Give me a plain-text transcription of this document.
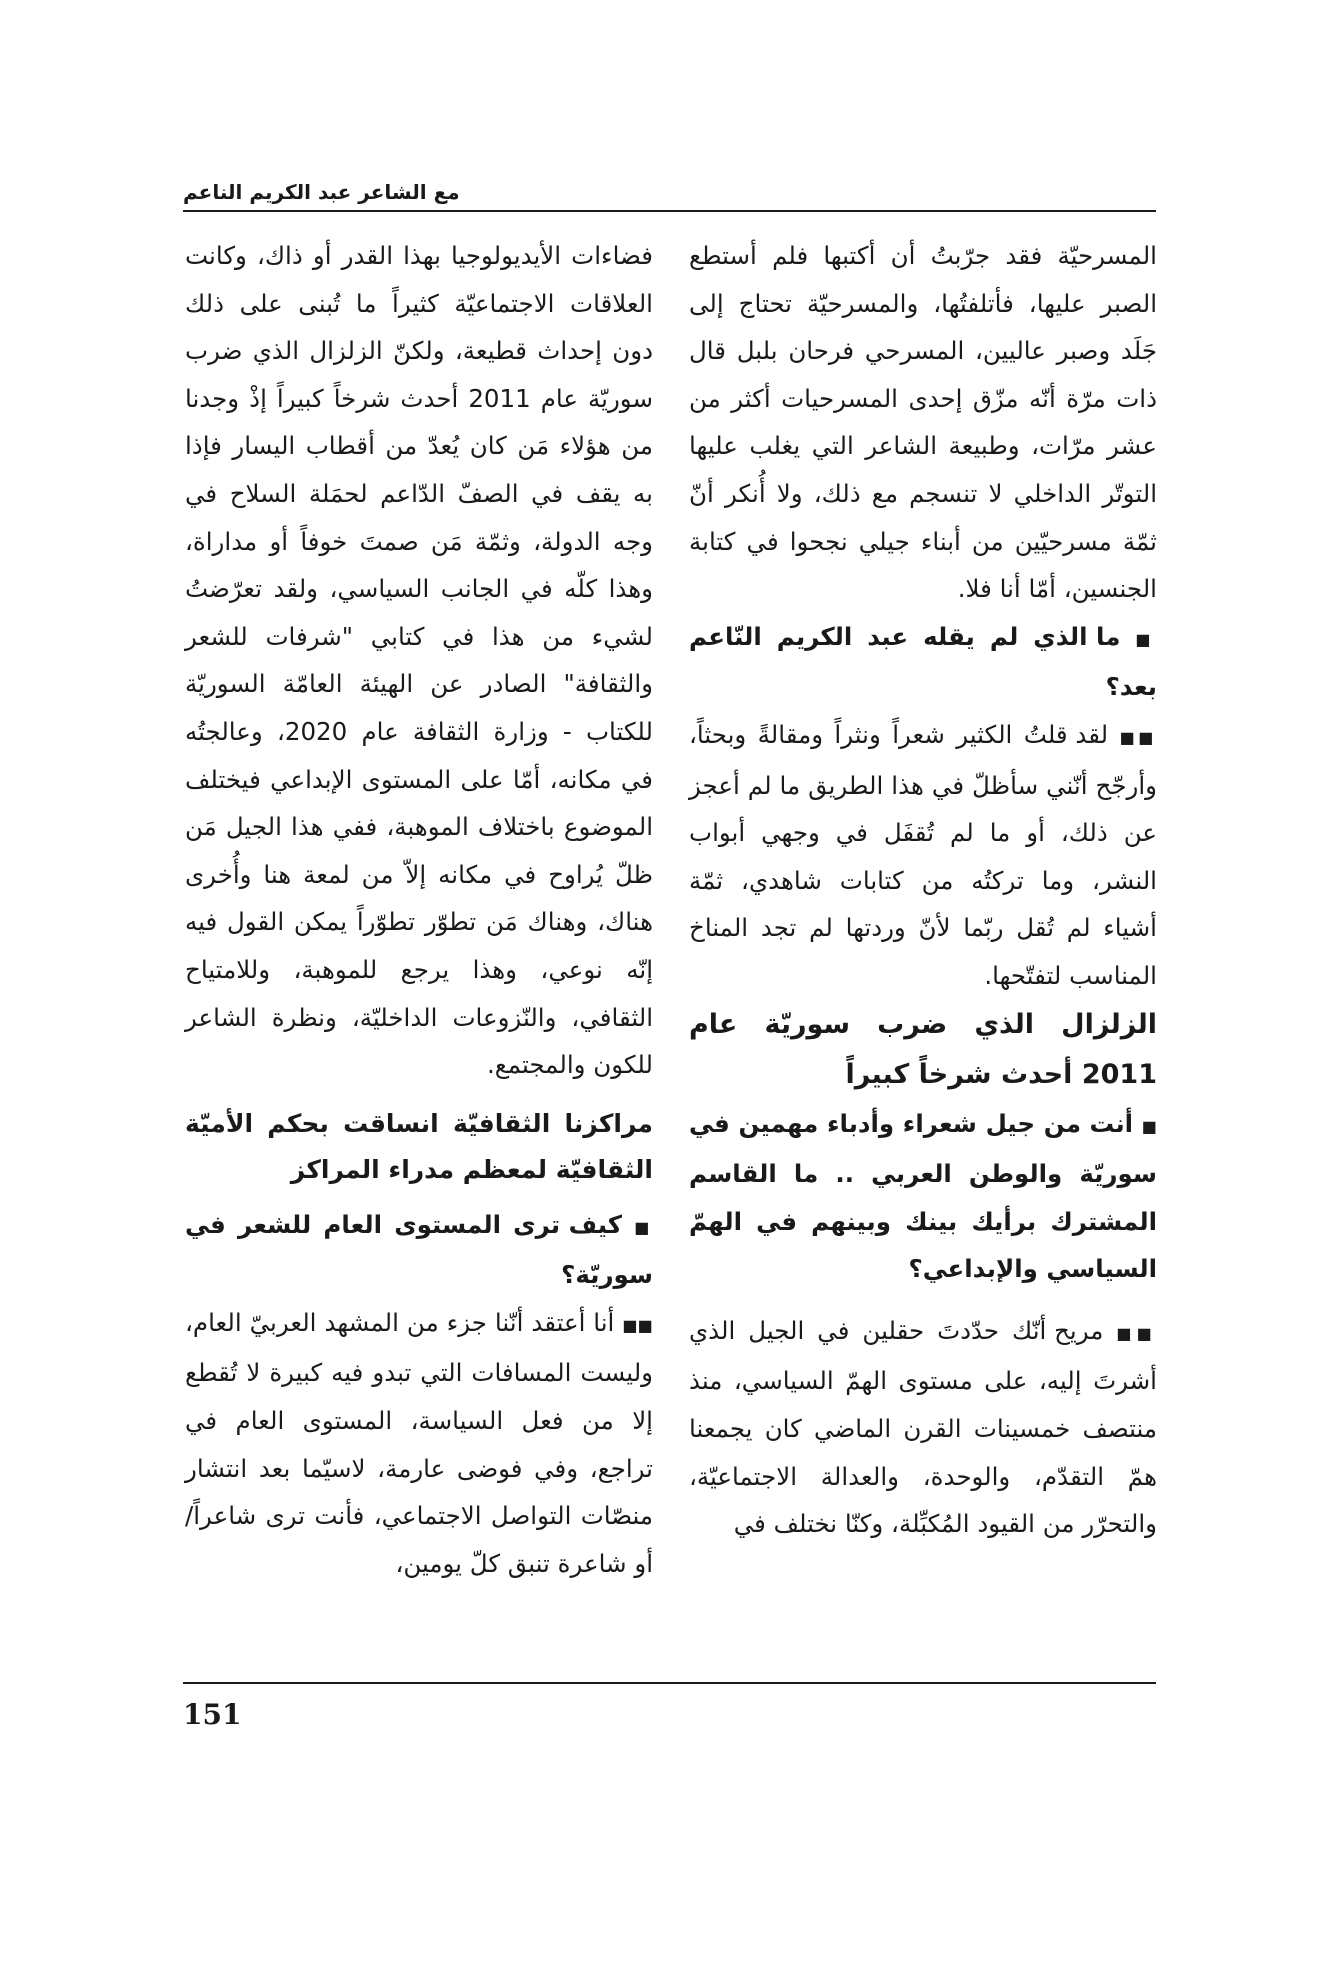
مع الشاعر عبد الكريم الناعم

المسرحيّة فقد جرّبتُ أن أكتبها فلم أستطع الصبر عليها، فأتلفتُها، والمسرحيّة تحتاج إلى جَلَد وصبر عاليين، المسرحي فرحان بلبل قال ذات مرّة أنّه مزّق إحدى المسرحيات أكثر من عشر مرّات، وطبيعة الشاعر التي يغلب عليها التوتّر الداخلي لا تنسجم مع ذلك، ولا أُنكر أنّ ثمّة مسرحيّين من أبناء جيلي نجحوا في كتابة الجنسين، أمّا أنا فلا.

■ ما الذي لم يقله عبد الكريم النّاعم بعد؟

■■ لقد قلتُ الكثير شعراً ونثراً ومقالةً وبحثاً، وأرجّح أنّني سأظلّ في هذا الطريق ما لم أعجز عن ذلك، أو ما لم تُقفَل في وجهي أبواب النشر، وما تركتُه من كتابات شاهدي، ثمّة أشياء لم تُقل ربّما لأنّ وردتها لم تجد المناخ المناسب لتفتّحها.

الزلزال الذي ضرب سوريّة عام 2011 أحدث شرخاً كبيراً

■ أنت من جيل شعراء وأدباء مهمين في سوريّة والوطن العربي .. ما القاسم المشترك برأيك بينك وبينهم في الهمّ السياسي والإبداعي؟

■■ مريح أنّك حدّدتَ حقلين في الجيل الذي أشرتَ إليه، على مستوى الهمّ السياسي، منذ منتصف خمسينات القرن الماضي كان يجمعنا همّ التقدّم، والوحدة، والعدالة الاجتماعيّة، والتحرّر من القيود المُكبِّلة، وكنّا نختلف في

فضاءات الأيديولوجيا بهذا القدر أو ذاك، وكانت العلاقات الاجتماعيّة كثيراً ما تُبنى على ذلك دون إحداث قطيعة، ولكنّ الزلزال الذي ضرب سوريّة عام 2011 أحدث شرخاً كبيراً إذْ وجدنا من هؤلاء مَن كان يُعدّ من أقطاب اليسار فإذا به يقف في الصفّ الدّاعم لحمَلة السلاح في وجه الدولة، وثمّة مَن صمتَ خوفاً أو مداراة، وهذا كلّه في الجانب السياسي، ولقد تعرّضتُ لشيء من هذا في كتابي "شرفات للشعر والثقافة" الصادر عن الهيئة العامّة السوريّة للكتاب - وزارة الثقافة عام 2020، وعالجتُه في مكانه، أمّا على المستوى الإبداعي فيختلف الموضوع باختلاف الموهبة، ففي هذا الجيل مَن ظلّ يُراوح في مكانه إلاّ من لمعة هنا وأُخرى هناك، وهناك مَن تطوّر تطوّراً يمكن القول فيه إنّه نوعي، وهذا يرجع للموهبة، وللامتياح الثقافي، والنّزوعات الداخليّة، ونظرة الشاعر للكون والمجتمع.

مراكزنا الثقافيّة انساقت بحكم الأميّة الثقافيّة لمعظم مدراء المراكز

■ كيف ترى المستوى العام للشعر في سوريّة؟

■■ أنا أعتقد أنّنا جزء من المشهد العربيّ العام، وليست المسافات التي تبدو فيه كبيرة لا تُقطع إلا من فعل السياسة، المستوى العام في تراجع، وفي فوضى عارمة، لاسيّما بعد انتشار منصّات التواصل الاجتماعي، فأنت ترى شاعراً/ أو شاعرة تنبق كلّ يومين،

151
